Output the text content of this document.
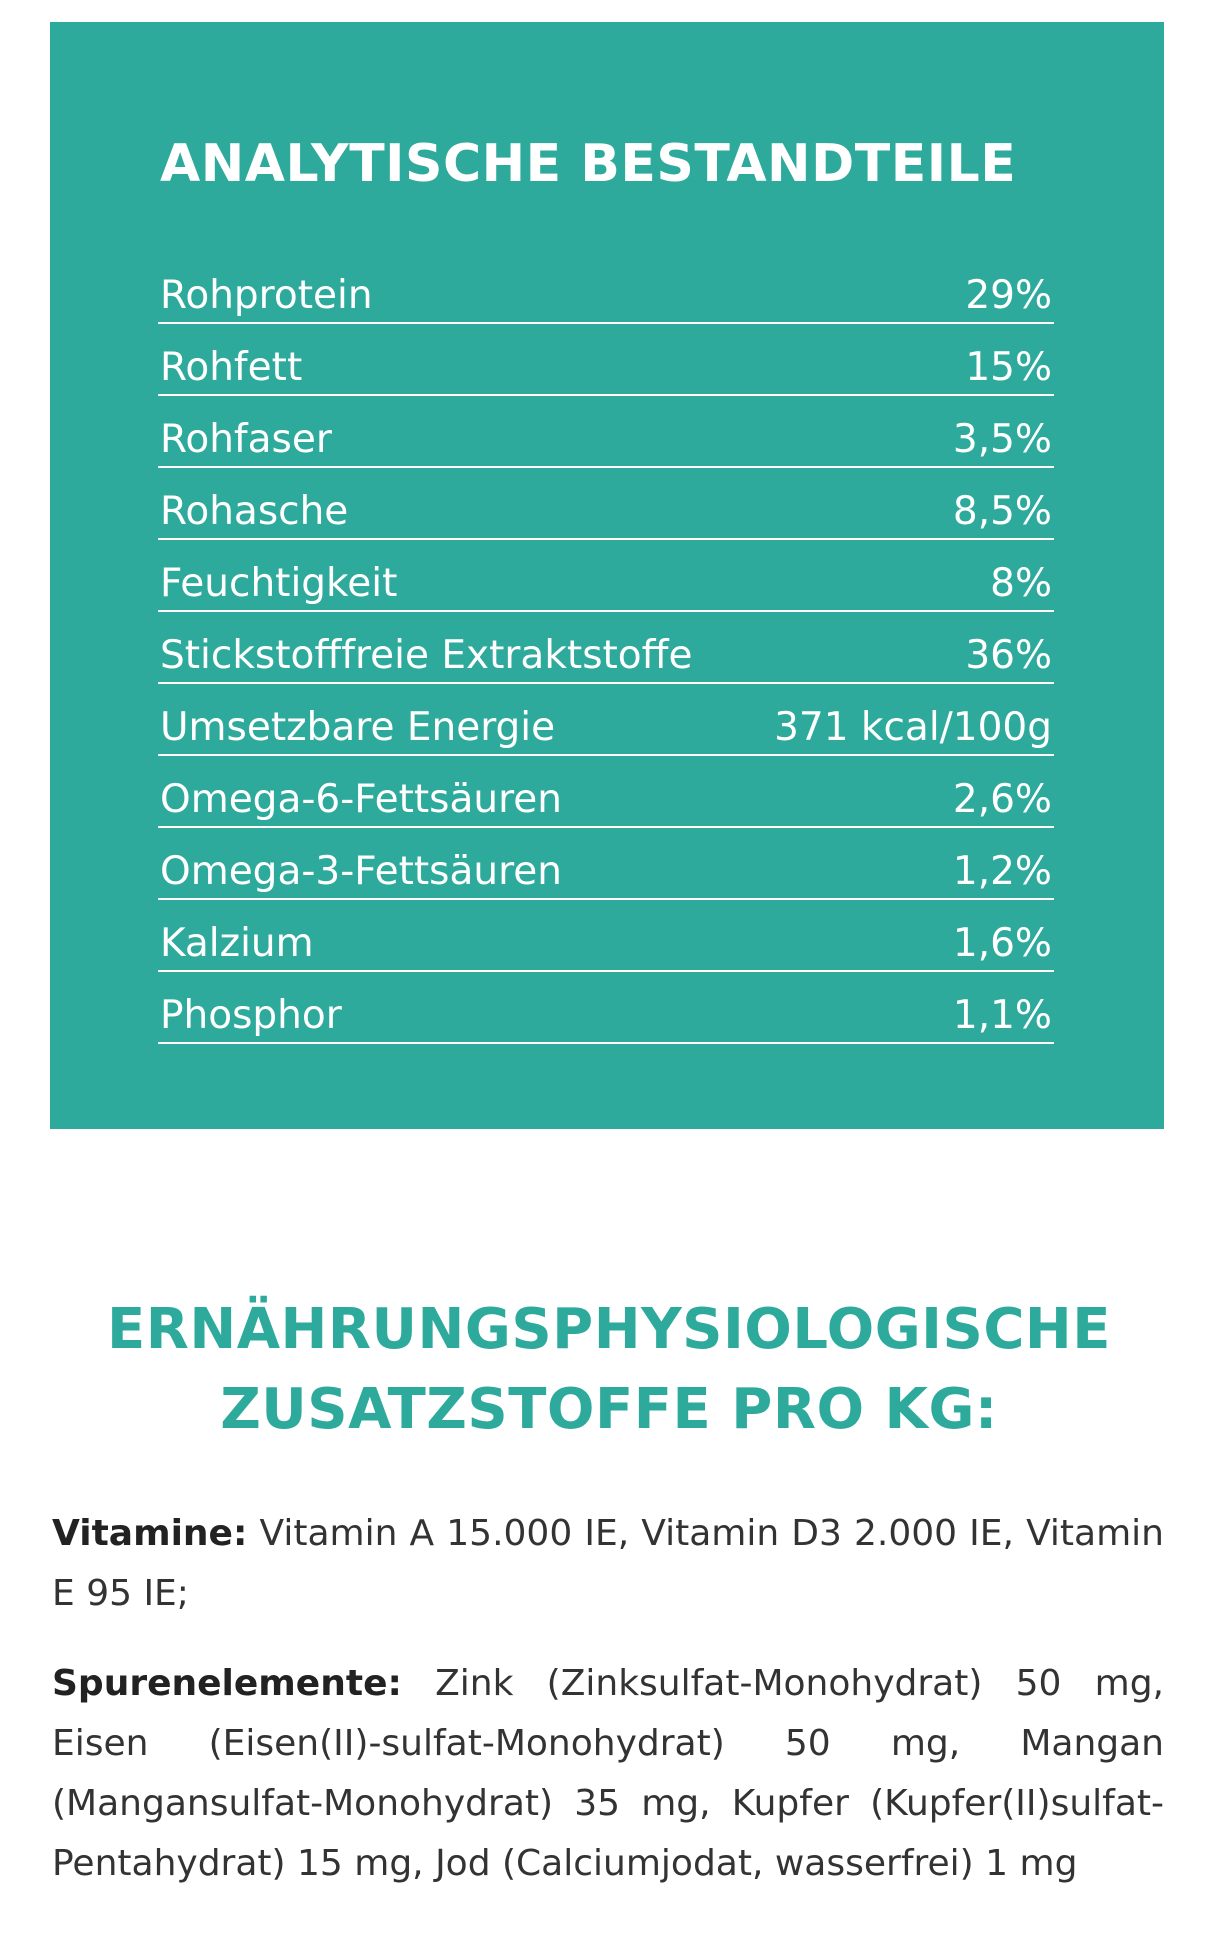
ANALYTISCHE BESTANDTEILE
Rohprotein	29%
Rohfett	15%
Rohfaser	3,5%
Rohasche	8,5%
Feuchtigkeit	8%
Stickstofffreie Extraktstoffe	36%
Umsetzbare Energie	371 kcal/100g
Omega-6-Fettsäuren	2,6%
Omega-3-Fettsäuren	1,2%
Kalzium	1,6%
Phosphor	1,1%
ERNÄHRUNGSPHYSIOLOGISCHE
ZUSATZSTOFFE PRO KG:

Vitamine: Vitamin A 15.000 IE, Vitamin D3 2.000 IE, Vitamin E 95 IE;

Spurenelemente: Zink (Zinksulfat-Monohydrat) 50 mg, Eisen (Eisen(II)-sulfat-Monohydrat) 50 mg, Mangan (Mangansulfat-Monohydrat) 35 mg, Kupfer (Kupfer(II)sulfat-Pentahydrat) 15 mg, Jod (Calciumjodat, wasserfrei) 1 mg
